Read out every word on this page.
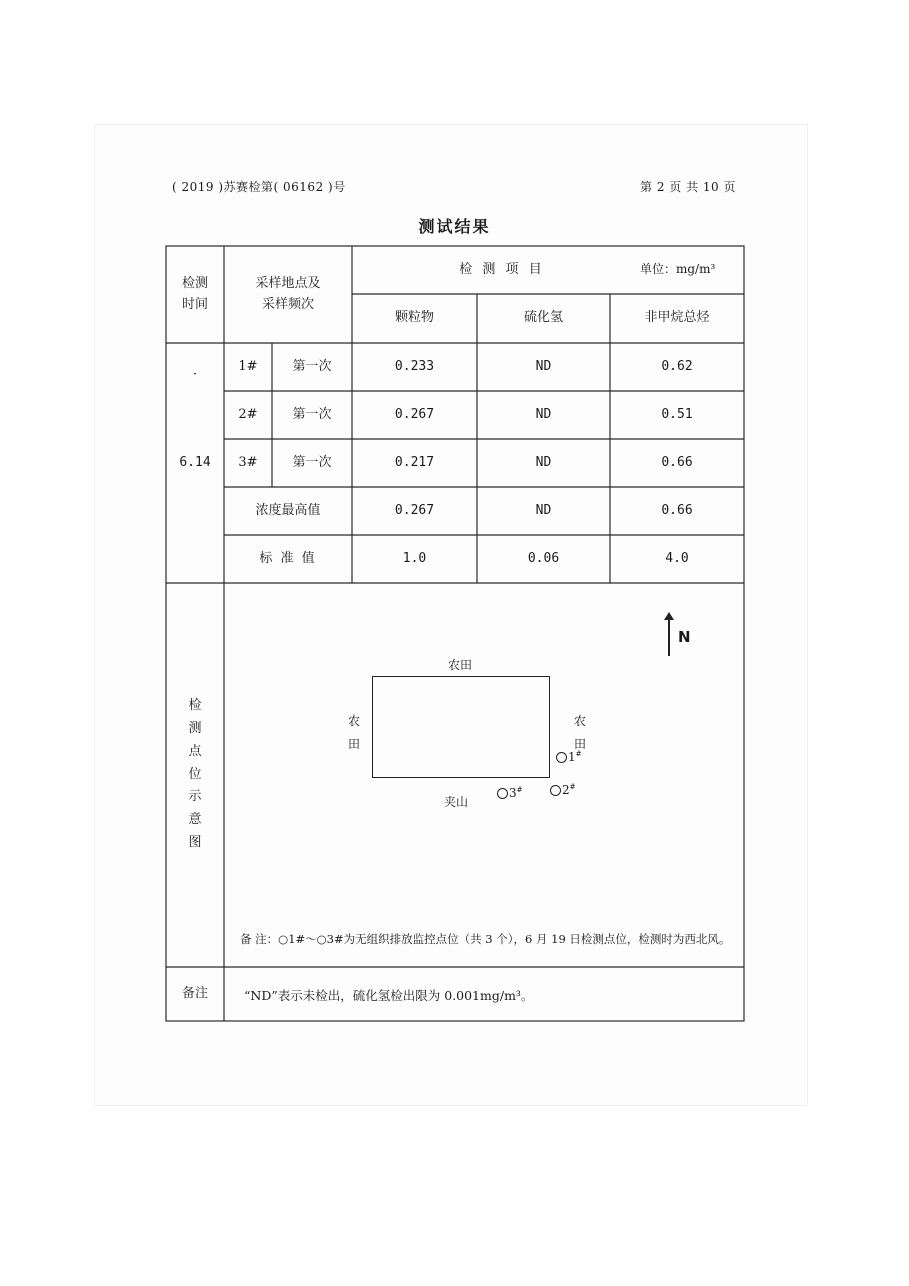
( 2019 )苏赛检第( 06162 )号	第 2 页 共 10 页
测试结果
检测
时间
采样地点及
采样频次
检 测 项 目	单位：mg/m³
颗粒物	硫化氢	非甲烷总烃
·
6.14
1#	第一次	0.233	ND	0.62
2#	第一次	0.267	ND	0.51
3#	第一次	0.217	ND	0.66
浓度最高值	0.267	ND	0.66
标 准 值	1.0	0.06	4.0
检
测
点
位
示
意
图
N
农田
农
田
农
田
夹山
1#
2#
3#
备 注：○1#～○3#为无组织排放监控点位（共 3 个），6 月 19 日检测点位，检测时为西北风。
备注	“ND”表示未检出，硫化氢检出限为 0.001mg/m³。
